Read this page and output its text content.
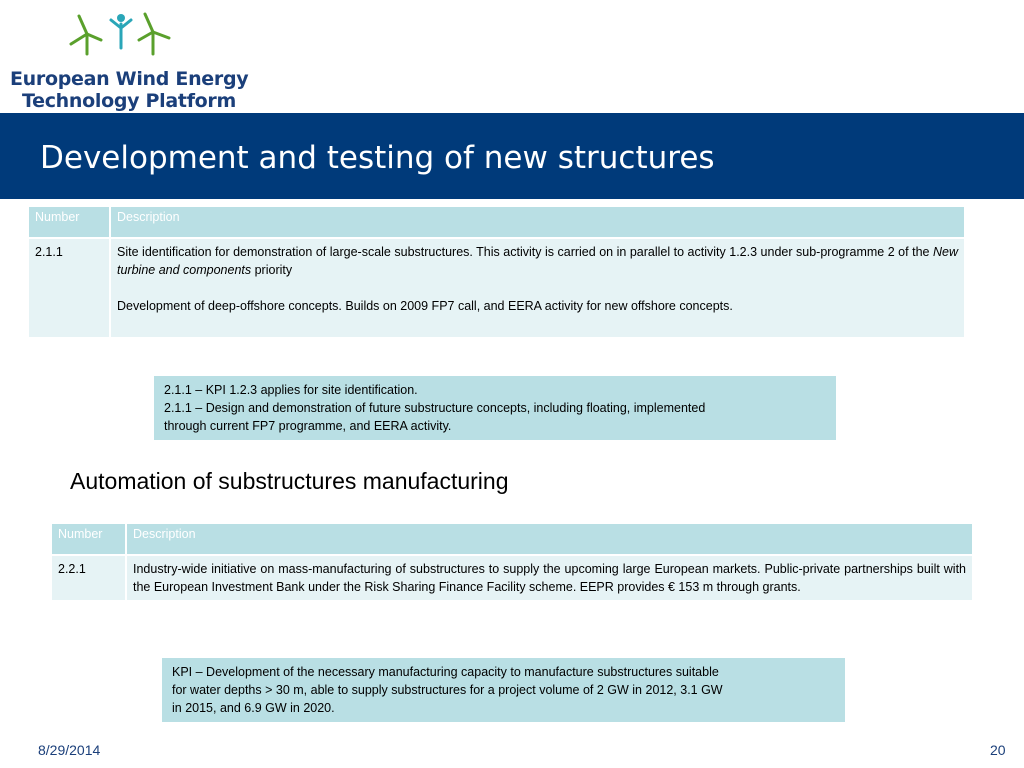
European Wind Energy
Technology Platform
Development and testing of new structures
Number	Description
2.1.1	Site identification for demonstration of large-scale substructures. This activity is carried on in parallel to activity 1.2.3 under sub-programme 2 of the New turbine and components priority

Development of deep-offshore concepts. Builds on 2009 FP7 call, and EERA activity for new offshore concepts.

2.1.1 – KPI 1.2.3 applies for site identification.
2.1.1 – Design and demonstration of future substructure concepts, including floating, implemented
through current FP7 programme, and EERA activity.
Automation of substructures manufacturing
Number	Description
2.2.1	Industry-wide initiative on mass-manufacturing of substructures to supply the upcoming large European markets. Public-private partnerships built with the European Investment Bank under the Risk Sharing Finance Facility scheme. EEPR provides € 153 m through grants.
KPI – Development of the necessary manufacturing capacity to manufacture substructures suitable
for water depths > 30 m, able to supply substructures for a project volume of 2 GW in 2012, 3.1 GW
in 2015, and 6.9 GW in 2020.
8/29/2014	20
